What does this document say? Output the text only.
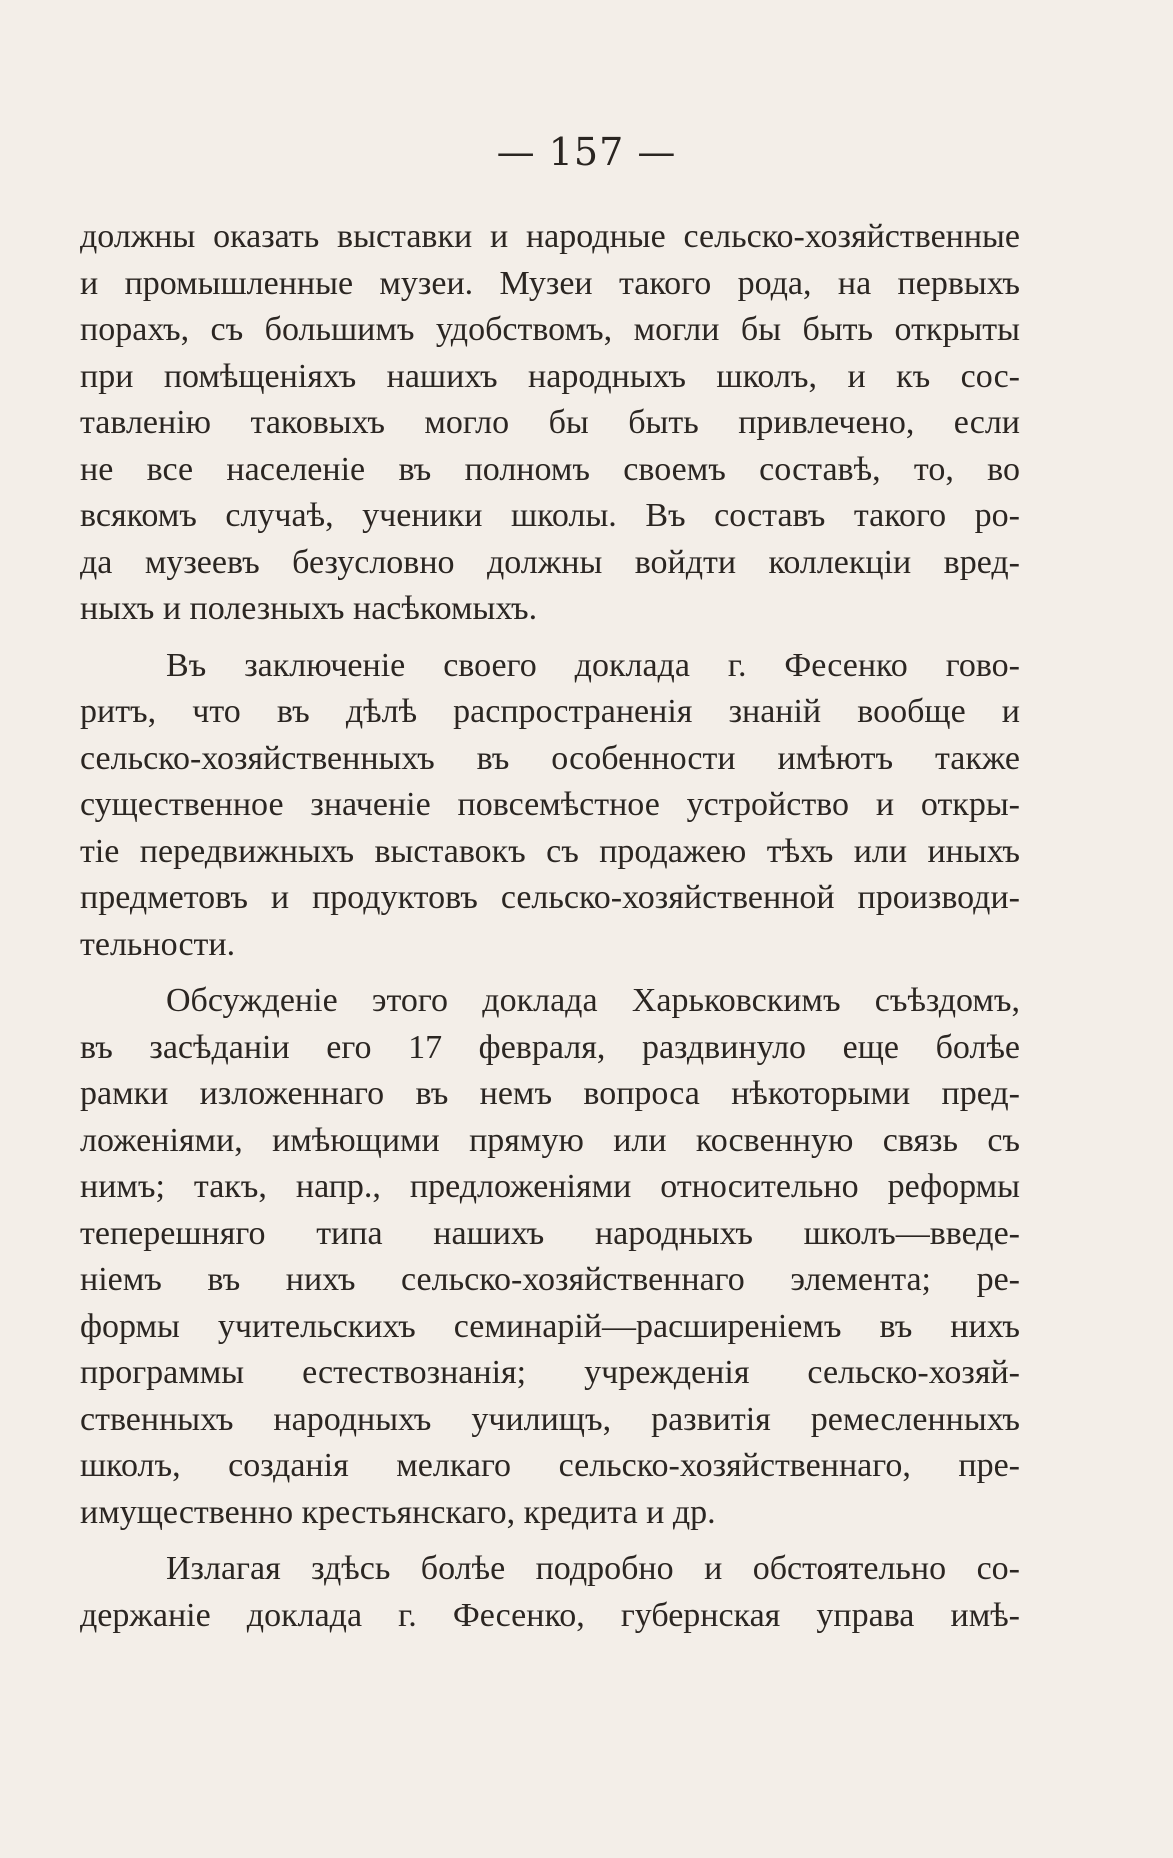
— 157 —
должны оказать выставки и народные сельско-хозяйственные
и промышленные музеи. Музеи такого рода, на первыхъ
порахъ, съ большимъ удобствомъ, могли бы быть открыты
при помѣщеніяхъ нашихъ народныхъ школъ, и къ сос-
тавленію таковыхъ могло бы быть привлечено, если
не все населеніе въ полномъ своемъ составѣ, то, во
всякомъ случаѣ, ученики школы. Въ составъ такого ро-
да музеевъ безусловно должны войдти коллекціи вред-
ныхъ и полезныхъ насѣкомыхъ.
Въ заключеніе своего доклада г. Фесенко гово-
ритъ, что въ дѣлѣ распространенія знаній вообще и
сельско-хозяйственныхъ въ особенности имѣютъ также
существенное значеніе повсемѣстное устройство и откры-
тіе передвижныхъ выставокъ съ продажею тѣхъ или иныхъ
предметовъ и продуктовъ сельско-хозяйственной производи-
тельности.
Обсужденіе этого доклада Харьковскимъ съѣздомъ,
въ засѣданіи его 17 февраля, раздвинуло еще болѣе
рамки изложеннаго въ немъ вопроса нѣкоторыми пред-
ложеніями, имѣющими прямую или косвенную связь съ
нимъ; такъ, напр., предложеніями относительно реформы
теперешняго типа нашихъ народныхъ школъ—введе-
ніемъ въ нихъ сельско-хозяйственнаго элемента; ре-
формы учительскихъ семинарій—расширеніемъ въ нихъ
программы естествознанія; учрежденія сельско-хозяй-
ственныхъ народныхъ училищъ, развитія ремесленныхъ
школъ, созданія мелкаго сельско-хозяйственнаго, пре-
имущественно крестьянскаго, кредита и др.
Излагая здѣсь болѣе подробно и обстоятельно со-
держаніе доклада г. Фесенко, губернская управа имѣ-
